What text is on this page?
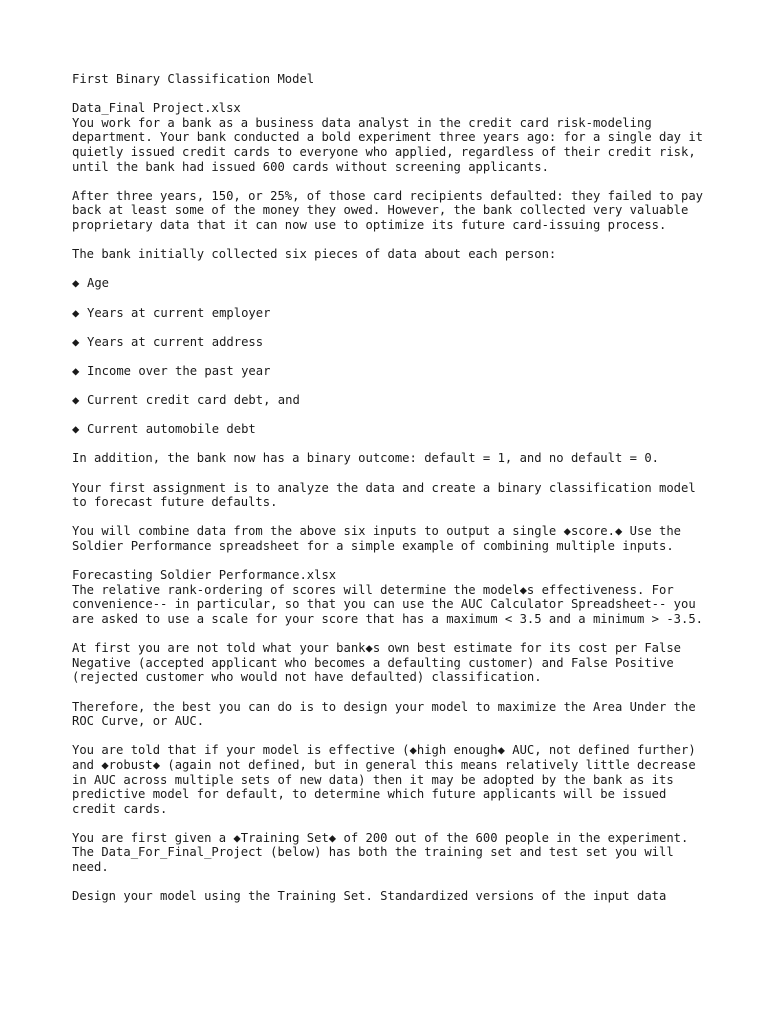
First Binary Classification Model

Data_Final Project.xlsx

You work for a bank as a business data analyst in the credit card risk-modeling department. Your bank conducted a bold experiment three years ago: for a single day it quietly issued credit cards to everyone who applied, regardless of their credit risk, until the bank had issued 600 cards without screening applicants.

After three years, 150, or 25%, of those card recipients defaulted: they failed to pay back at least some of the money they owed. However, the bank collected very valuable proprietary data that it can now use to optimize its future card-issuing process.

The bank initially collected six pieces of data about each person:

◆ Age

◆ Years at current employer

◆ Years at current address

◆ Income over the past year

◆ Current credit card debt, and

◆ Current automobile debt

In addition, the bank now has a binary outcome: default = 1, and no default = 0.

Your first assignment is to analyze the data and create a binary classification model to forecast future defaults.

You will combine data from the above six inputs to output a single ◆score.◆ Use the Soldier Performance spreadsheet for a simple example of combining multiple inputs.

Forecasting Soldier Performance.xlsx

The relative rank-ordering of scores will determine the model◆s effectiveness. For convenience-- in particular, so that you can use the AUC Calculator Spreadsheet-- you are asked to use a scale for your score that has a maximum < 3.5 and a minimum > -3.5.

At first you are not told what your bank◆s own best estimate for its cost per False Negative (accepted applicant who becomes a defaulting customer) and False Positive (rejected customer who would not have defaulted) classification.

Therefore, the best you can do is to design your model to maximize the Area Under the ROC Curve, or AUC.

You are told that if your model is effective (◆high enough◆ AUC, not defined further) and ◆robust◆ (again not defined, but in general this means relatively little decrease in AUC across multiple sets of new data) then it may be adopted by the bank as its predictive model for default, to determine which future applicants will be issued credit cards.

You are first given a ◆Training Set◆ of 200 out of the 600 people in the experiment. The Data_For_Final_Project (below) has both the training set and test set you will need.

Design your model using the Training Set. Standardized versions of the input data
